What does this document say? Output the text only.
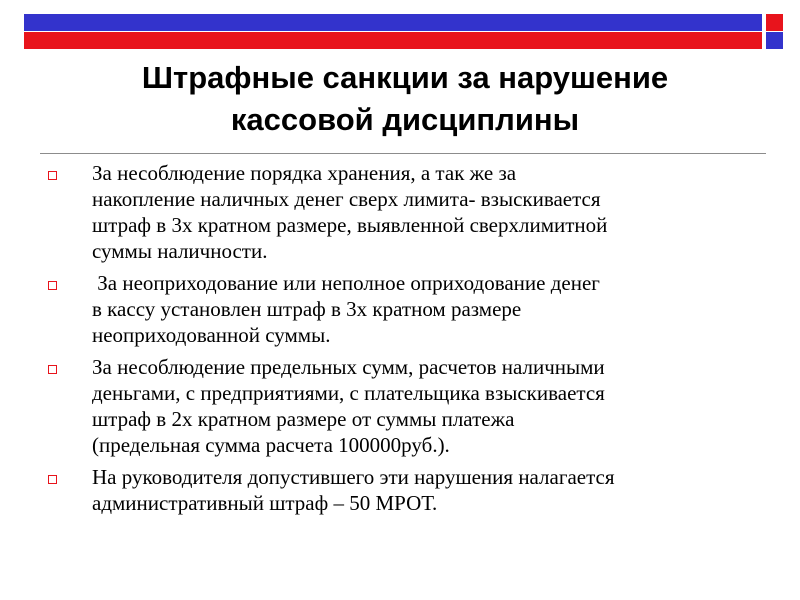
Штрафные санкции за нарушение
кассовой дисциплины
За несоблюдение порядка хранения, а так же за
накопление наличных денег сверх лимита- взыскивается
штраф в 3х кратном размере, выявленной сверхлимитной
суммы наличности.
За неоприходование или неполное оприходование денег
в кассу установлен штраф в 3х кратном размере
неоприходованной суммы.
За несоблюдение предельных сумм, расчетов наличными
деньгами, с предприятиями, с плательщика взыскивается
штраф в 2х кратном размере от суммы платежа
(предельная сумма расчета 100000руб.).
На руководителя допустившего эти нарушения налагается
административный штраф – 50 МРОТ.
